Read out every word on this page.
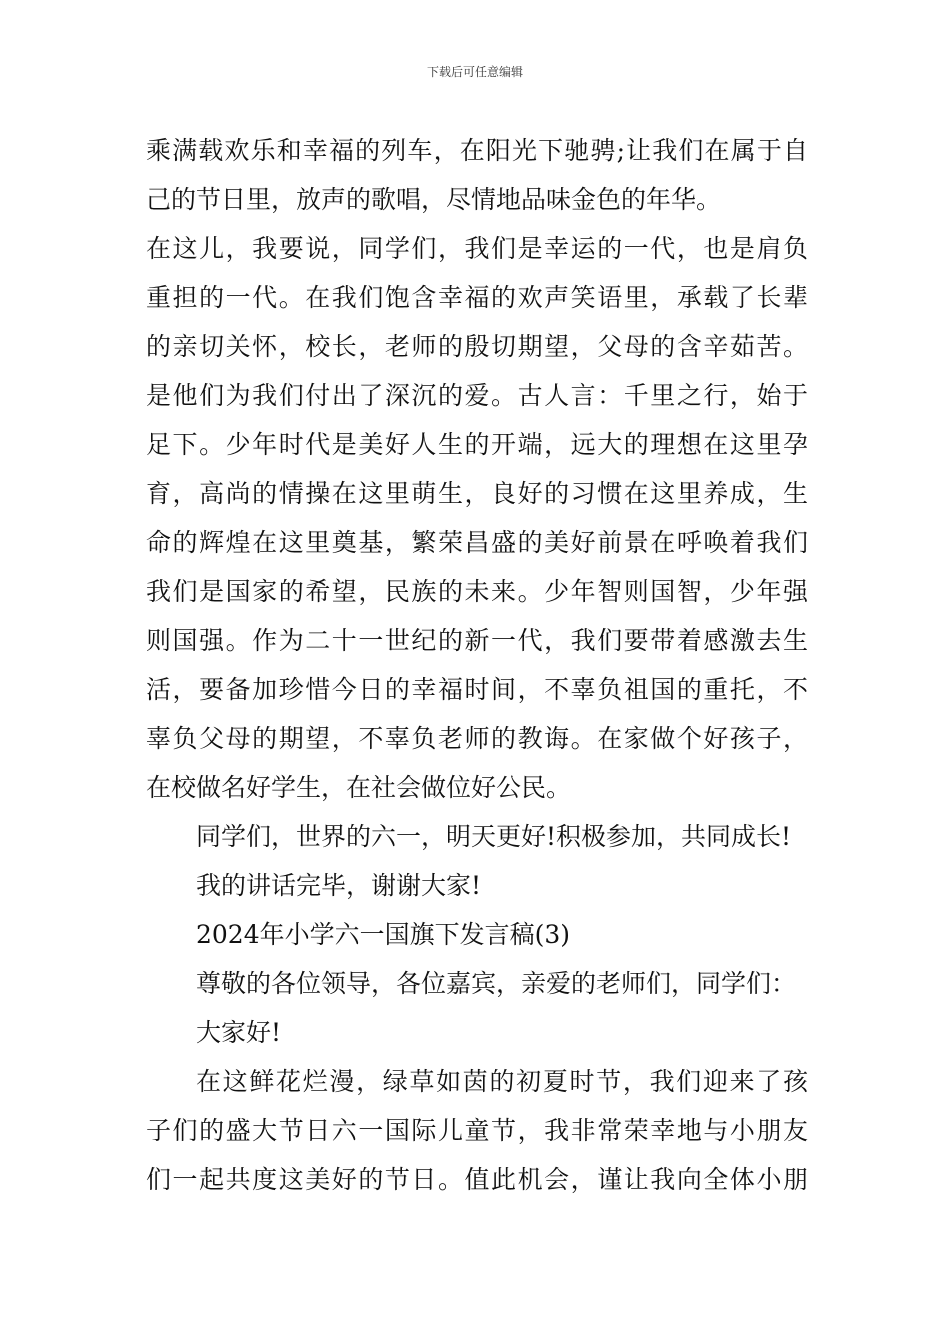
下载后可任意编辑
乘满载欢乐和幸福的列车，在阳光下驰骋;让我们在属于自
己的节日里，放声的歌唱，尽情地品味金色的年华。
在这儿，我要说，同学们，我们是幸运的一代，也是肩负
重担的一代。在我们饱含幸福的欢声笑语里，承载了长辈
的亲切关怀，校长，老师的殷切期望，父母的含辛茹苦。
是他们为我们付出了深沉的爱。古人言：千里之行，始于
足下。少年时代是美好人生的开端，远大的理想在这里孕
育，高尚的情操在这里萌生，良好的习惯在这里养成，生
命的辉煌在这里奠基，繁荣昌盛的美好前景在呼唤着我们
我们是国家的希望，民族的未来。少年智则国智，少年强
则国强。作为二十一世纪的新一代，我们要带着感激去生
活，要备加珍惜今日的幸福时间，不辜负祖国的重托，不
辜负父母的期望，不辜负老师的教诲。在家做个好孩子，
在校做名好学生，在社会做位好公民。
同学们，世界的六一，明天更好!积极参加，共同成长!
我的讲话完毕，谢谢大家!
2024年小学六一国旗下发言稿(3)
尊敬的各位领导，各位嘉宾，亲爱的老师们，同学们：
大家好!
在这鲜花烂漫，绿草如茵的初夏时节，我们迎来了孩
子们的盛大节日六一国际儿童节，我非常荣幸地与小朋友
们一起共度这美好的节日。值此机会，谨让我向全体小朋
